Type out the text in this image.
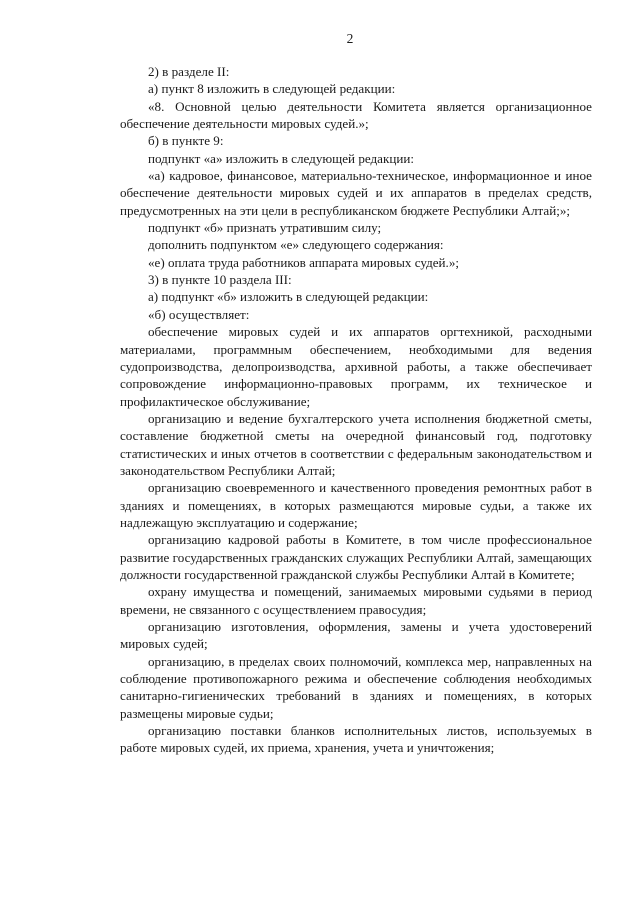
2

2) в разделе II:

а) пункт 8 изложить в следующей редакции:

«8. Основной целью деятельности Комитета является организационное обеспечение деятельности мировых судей.»;

б) в пункте 9:

подпункт «а» изложить в следующей редакции:

«а) кадровое, финансовое, материально-техническое, информационное и иное обеспечение деятельности мировых судей и их аппаратов в пределах средств, предусмотренных на эти цели в республиканском бюджете Республики Алтай;»;

подпункт «б» признать утратившим силу;

дополнить подпунктом «е» следующего содержания:

«е) оплата труда работников аппарата мировых судей.»;

3) в пункте 10 раздела III:

а) подпункт «б» изложить в следующей редакции:

«б) осуществляет:

обеспечение мировых судей и их аппаратов оргтехникой, расходными материалами, программным обеспечением, необходимыми для ведения судопроизводства, делопроизводства, архивной работы, а также обеспечивает сопровождение информационно-правовых программ, их техническое и профилактическое обслуживание;

организацию и ведение бухгалтерского учета исполнения бюджетной сметы, составление бюджетной сметы на очередной финансовый год, подготовку статистических и иных отчетов в соответствии с федеральным законодательством и законодательством Республики Алтай;

организацию своевременного и качественного проведения ремонтных работ в зданиях и помещениях, в которых размещаются мировые судьи, а также их надлежащую эксплуатацию и содержание;

организацию кадровой работы в Комитете, в том числе профессиональное развитие государственных гражданских служащих Республики Алтай, замещающих должности государственной гражданской службы Республики Алтай в Комитете;

охрану имущества и помещений, занимаемых мировыми судьями в период времени, не связанного с осуществлением правосудия;

организацию изготовления, оформления, замены и учета удостоверений мировых судей;

организацию, в пределах своих полномочий, комплекса мер, направленных на соблюдение противопожарного режима и обеспечение соблюдения необходимых санитарно-гигиенических требований в зданиях и помещениях, в которых размещены мировые судьи;

организацию поставки бланков исполнительных листов, используемых в работе мировых судей, их приема, хранения, учета и уничтожения;
